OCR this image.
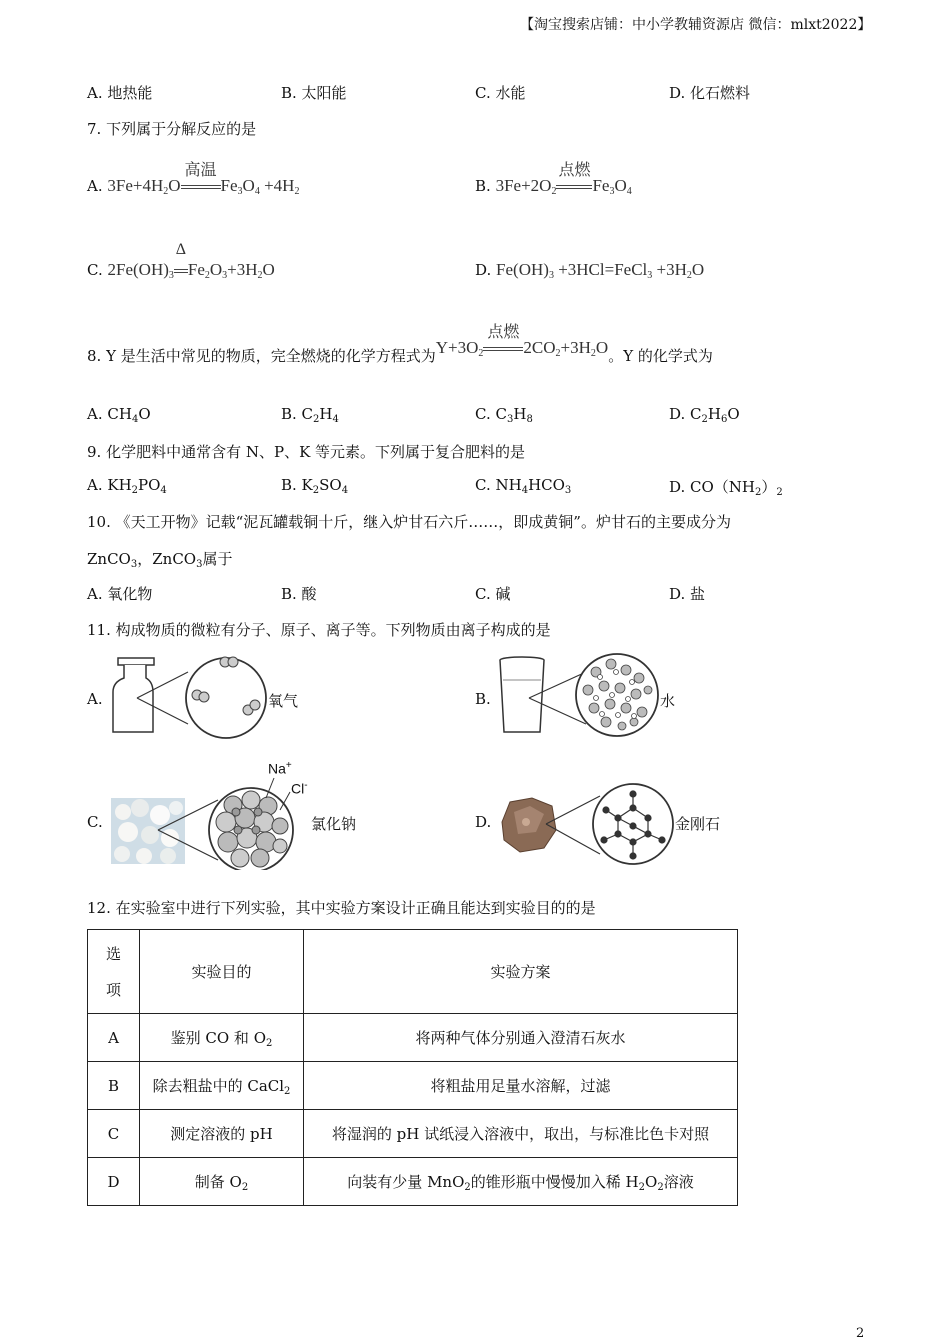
【淘宝搜索店铺：中小学教辅资源店 微信：mlxt2022】
A. 地热能	B. 太阳能	C. 水能	D. 化石燃料
7. 下列属于分解反应的是
A. $3Fe+4H_2O$
高温
$Fe_3O_4 +4H_2$	B. $3Fe+2O_2$
点燃
$Fe_3O_4$
C. $2Fe(OH)_3$
Δ
$Fe_2O_3+3H_2O$	D. $Fe(OH)_3$ +3HCl=FeCl$_3$ $+3H_2O$
8. Y 是生活中常见的物质，完全燃烧的化学方程式为$Y+3O_2$
点燃
$2CO_2+3H_2O$。Y 的化学式为
A. $CH_4O$	B. $C_2H_4$	C. $C_3H_8$	D. $C_2H_6O$
9. 化学肥料中通常含有 N、P、K 等元素。下列属于复合肥料的是
A. $KH_2PO_4$	B. $K_2SO_4$	C. $NH_4HCO_3$	D. $CO(NH_2)_2$
10. 《天工开物》记载“泥瓦罐载铜十斤，继入炉甘石六斤……，即成黄铜”。炉甘石的主要成分为
ZnCO$_3$，ZnCO$_3$属于
A. 氧化物	B. 酸	C. 碱	D. 盐
11. 构成物质的微粒有分子、原子、离子等。下列物质由离子构成的是
A.	氧气	B.	水
C.
Na+
Cl-
氯化钠	D.	金刚石
12. 在实验室中进行下列实验，其中实验方案设计正确且能达到实验目的的是
选
项	实验目的	实验方案
A	鉴别 CO 和 $O_2$	将两种气体分别通入澄清石灰水
B	除去粗盐中的 CaCl$_2$	将粗盐用足量水溶解，过滤
C	测定溶液的 pH	将湿润的 pH 试纸浸入溶液中，取出，与标准比色卡对照
D	制备 $O_2$	向装有少量 MnO$_2$的锥形瓶中慢慢加入稀 $H_2O_2$溶液
2
